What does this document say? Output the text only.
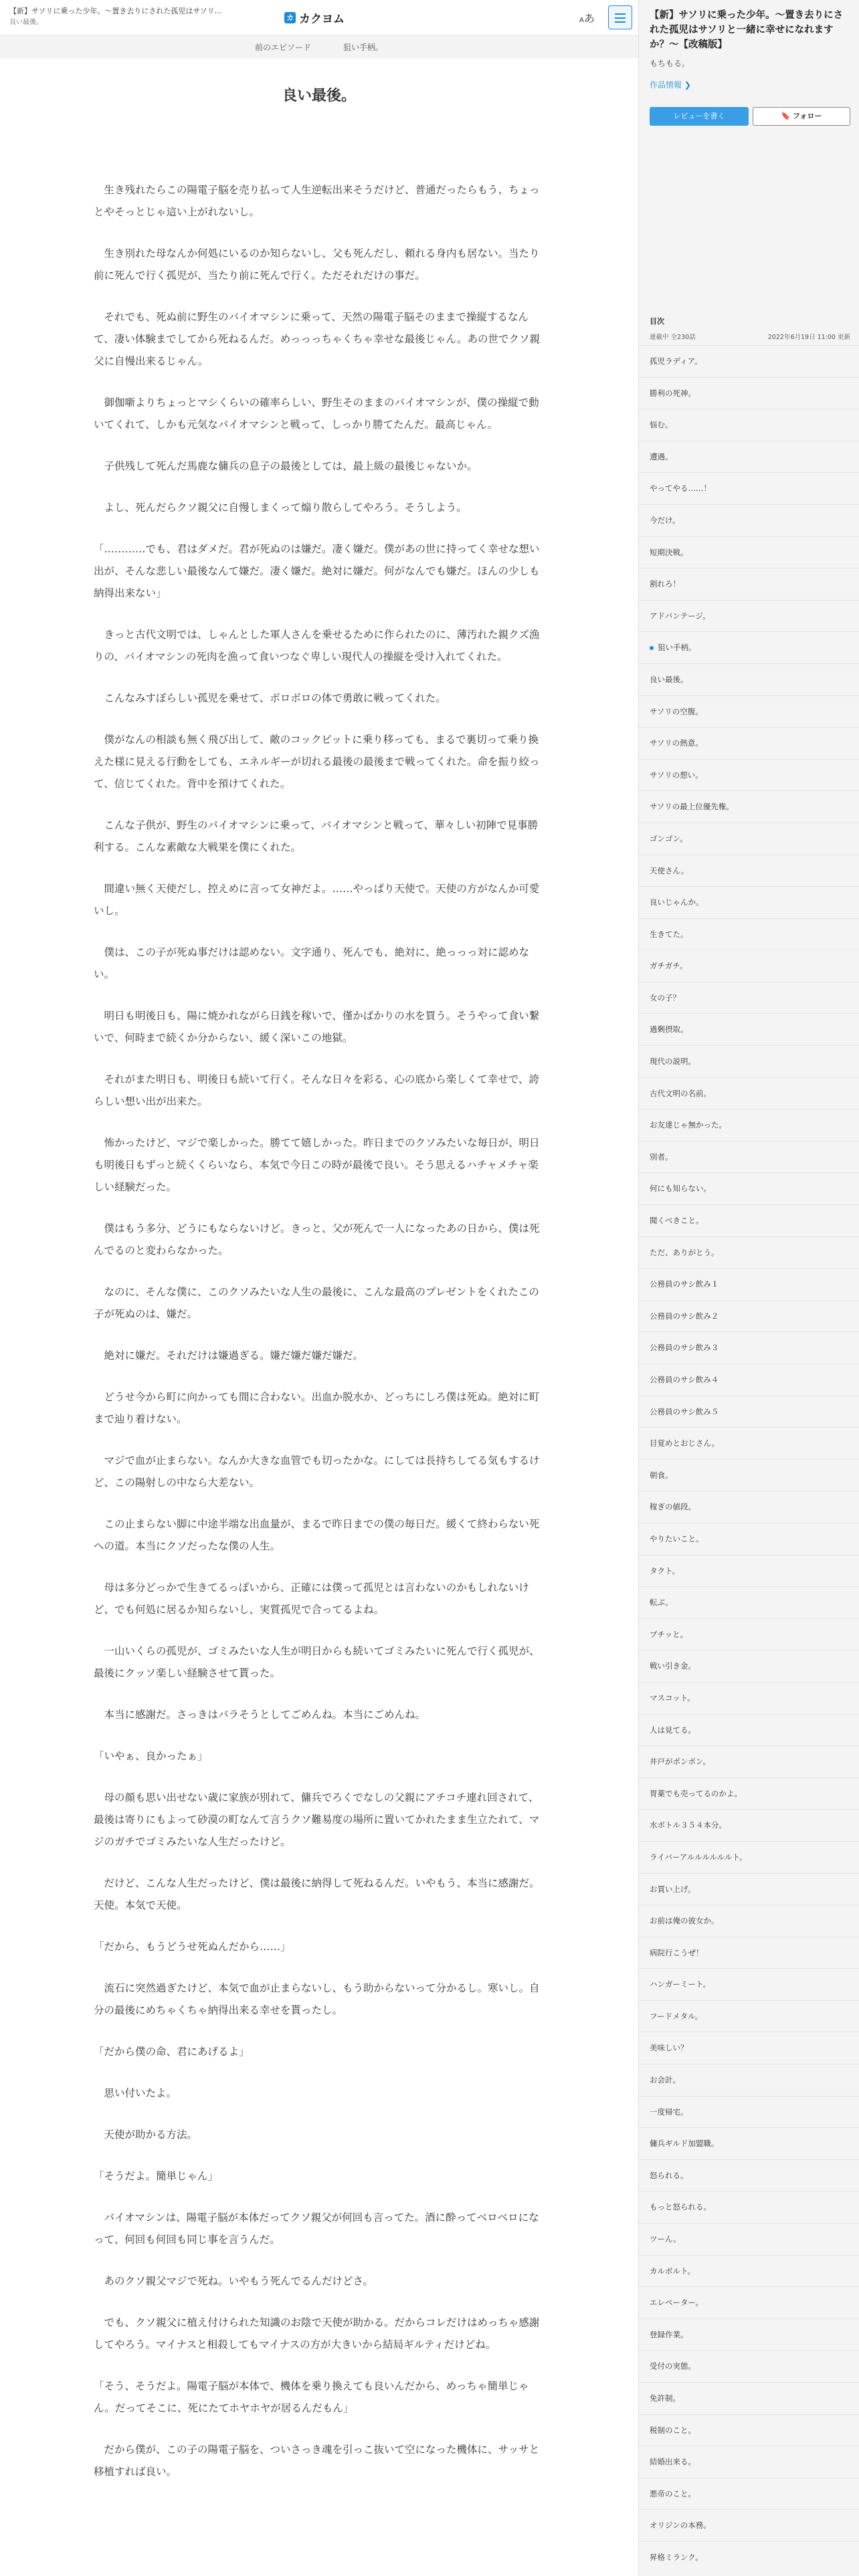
【新】サソリに乗った少年。〜置き去りにされた孤児はサソリ…
良い最後。
カ カクヨム	Aあ
前のエピソード	狙い手柄。
良い最後。

　生き残れたらこの陽電子脳を売り払って人生逆転出来そうだけど、普通だったらもう、ちょっとやそっとじゃ這い上がれないし。

　生き別れた母なんか何処にいるのか知らないし、父も死んだし、頼れる身内も居ない。当たり前に死んで行く孤児が、当たり前に死んで行く。ただそれだけの事だ。

　それでも、死ぬ前に野生のバイオマシンに乗って、天然の陽電子脳そのままで操縦するなんて、凄い体験までしてから死ねるんだ。めっっっちゃくちゃ幸せな最後じゃん。あの世でクソ親父に自慢出来るじゃん。

　御伽噺よりちょっとマシくらいの確率らしい、野生そのままのバイオマシンが、僕の操縦で動いてくれて、しかも元気なバイオマシンと戦って、しっかり勝てたんだ。最高じゃん。

　子供残して死んだ馬鹿な傭兵の息子の最後としては、最上級の最後じゃないか。

　よし、死んだらクソ親父に自慢しまくって煽り散らしてやろう。そうしよう。

「…………でも、君はダメだ。君が死ぬのは嫌だ。凄く嫌だ。僕があの世に持ってく幸せな想い出が、そんな悲しい最後なんて嫌だ。凄く嫌だ。絶対に嫌だ。何がなんでも嫌だ。ほんの少しも納得出来ない」

　きっと古代文明では、しゃんとした軍人さんを乗せるために作られたのに、薄汚れた親クズ漁りの、バイオマシンの死肉を漁って食いつなぐ卑しい現代人の操縦を受け入れてくれた。

　こんなみすぼらしい孤児を乗せて、ボロボロの体で勇敢に戦ってくれた。

　僕がなんの相談も無く飛び出して、敵のコックピットに乗り移っても、まるで裏切って乗り換えた様に見える行動をしても、エネルギーが切れる最後の最後まで戦ってくれた。命を振り絞って、信じてくれた。背中を預けてくれた。

　こんな子供が、野生のバイオマシンに乗って、バイオマシンと戦って、華々しい初陣で見事勝利する。こんな素敵な大戦果を僕にくれた。

　間違い無く天使だし、控えめに言って女神だよ。……やっぱり天使で。天使の方がなんか可愛いし。

　僕は、この子が死ぬ事だけは認めない。文字通り、死んでも、絶対に、絶っっっ対に認めない。

　明日も明後日も、陽に焼かれながら日銭を稼いで、僅かばかりの水を買う。そうやって食い繋いで、何時まで続くか分からない、緩く深いこの地獄。

　それがまた明日も、明後日も続いて行く。そんな日々を彩る、心の底から楽しくて幸せで、誇らしい想い出が出来た。

　怖かったけど、マジで楽しかった。勝てて嬉しかった。昨日までのクソみたいな毎日が、明日も明後日もずっと続くくらいなら、本気で今日この時が最後で良い。そう思えるハチャメチャ楽しい経験だった。

　僕はもう多分、どうにもならないけど。きっと、父が死んで一人になったあの日から、僕は死んでるのと変わらなかった。

　なのに、そんな僕に、このクソみたいな人生の最後に、こんな最高のプレゼントをくれたこの子が死ぬのは、嫌だ。

　絶対に嫌だ。それだけは嫌過ぎる。嫌だ嫌だ嫌だ嫌だ。

　どうせ今から町に向かっても間に合わない。出血か脱水か、どっちにしろ僕は死ぬ。絶対に町まで辿り着けない。

　マジで血が止まらない。なんか大きな血管でも切ったかな。にしては長持ちしてる気もするけど、この陽射しの中なら大差ない。

　この止まらない脚に中途半端な出血量が、まるで昨日までの僕の毎日だ。緩くて終わらない死への道。本当にクソだったな僕の人生。

　母は多分どっかで生きてるっぽいから、正確には僕って孤児とは言わないのかもしれないけど、でも何処に居るか知らないし、実質孤児で合ってるよね。

　一山いくらの孤児が、ゴミみたいな人生が明日からも続いてゴミみたいに死んで行く孤児が、最後にクッソ楽しい経験させて貰った。

　本当に感謝だ。さっきはバラそうとしてごめんね。本当にごめんね。

「いやぁ、良かったぁ」

　母の顔も思い出せない歳に家族が別れて、傭兵でろくでなしの父親にアチコチ連れ回されて、最後は寄りにもよって砂漠の町なんて言うクソ難易度の場所に置いてかれたまま生立たれて、マジのガチでゴミみたいな人生だったけど。

　だけど、こんな人生だったけど、僕は最後に納得して死ねるんだ。いやもう、本当に感謝だ。天使。本気で天使。

「だから、もうどうせ死ぬんだから……」

　流石に突然過ぎたけど、本気で血が止まらないし、もう助からないって分かるし。寒いし。自分の最後にめちゃくちゃ納得出来る幸せを貰ったし。

「だから僕の命、君にあげるよ」

　思い付いたよ。

　天使が助かる方法。

「そうだよ。簡単じゃん」

　バイオマシンは、陽電子脳が本体だってクソ親父が何回も言ってた。酒に酔ってベロベロになって、何回も何回も同じ事を言うんだ。

　あのクソ親父マジで死ね。いやもう死んでるんだけどさ。

　でも、クソ親父に植え付けられた知識のお陰で天使が助かる。だからコレだけはめっちゃ感謝してやろう。マイナスと相殺してもマイナスの方が大きいから結局ギルティだけどね。

「そう、そうだよ。陽電子脳が本体で、機体を乗り換えても良いんだから、めっちゃ簡単じゃん。だってそこに、死にたてホヤホヤが居るんだもん」

　だから僕が、この子の陽電子脳を、ついさっき魂を引っこ抜いて空になった機体に、サッサと移植すれば良い。

【新】サソリに乗った少年。〜置き去りにされた孤児はサソリと一緒に幸せになれますか？〜【改稿版】
もちもる。
作品情報 ❯
レビューを書く	🔖 フォロー
目次
連載中 全230話	2022年6月19日 11:00 更新
孤児ラディア。
勝利の死神。
悩む。
遭遇。
やってやる……！
今だけ。
短期決戦。
割れろ！
アドバンテージ。
狙い手柄。
良い最後。
サソリの空腹。
サソリの熱意。
サソリの想い。
サソリの最上位優先権。
ゴンゴン。
天使さん。
良いじゃんか。
生きてた。
ガチガチ。
女の子？
過剰摂取。
現代の説明。
古代文明の名前。
お友達じゃ無かった。
別者。
何にも知らない。
聞くべきこと。
ただ、ありがとう。
公務員のサシ飲み１
公務員のサシ飲み２
公務員のサシ飲み３
公務員のサシ飲み４
公務員のサシ飲み５
目覚めとおじさん。
朝食。
稼ぎの値段。
やりたいこと。
タクト。
転ぶ。
プチッと。
戦い引き金。
マスコット。
人は見てる。
井戸がポンポン。
胃薬でも売ってるのかよ。
水ボトル３５４本分。
ライバーアルルルルルルト。
お買い上げ。
お前は俺の彼女か。
病院行こうぜ！
ハンガーミート。
フードメタル。
美味しい？
お会計。
一度帰宅。
傭兵ギルド加盟職。
怒られる。
もっと怒られる。
ツーん。
カルボルト。
エレベーター。
登録作業。
受付の実態。
免許制。
税制のこと。
結婚出来る。
悪帝のこと。
オリジンの本務。
昇格ミランク。
